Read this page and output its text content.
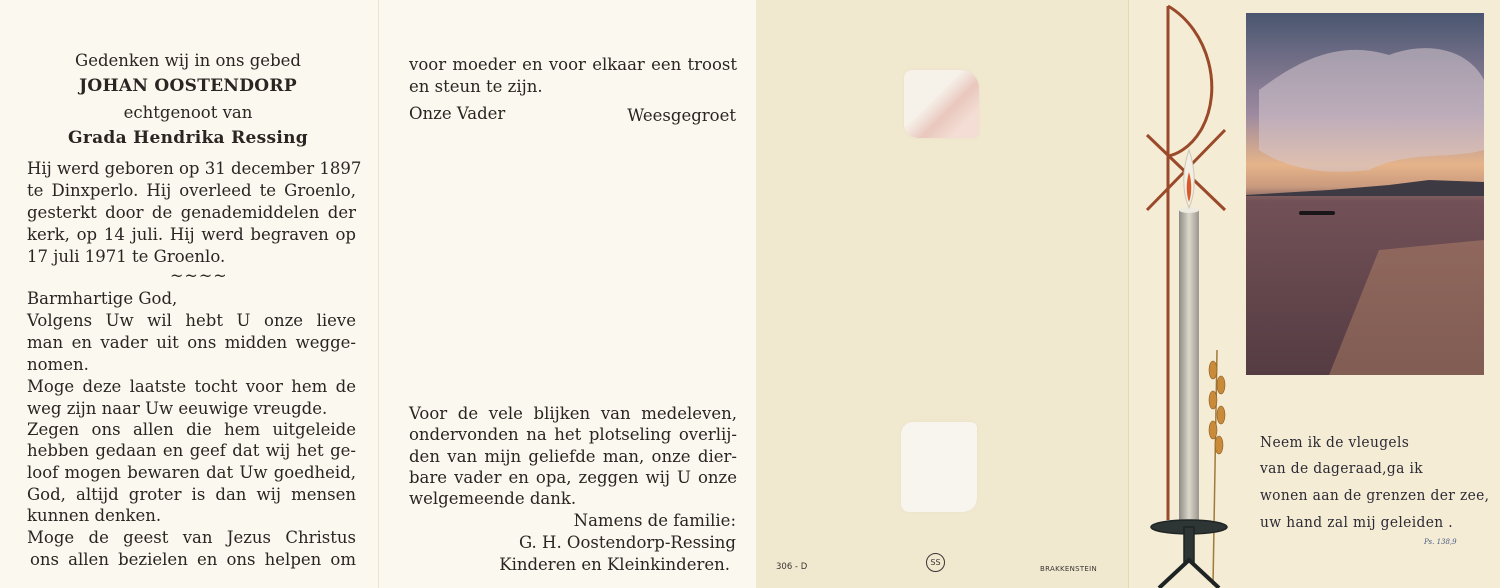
Gedenken wij in ons gebed
JOHAN OOSTENDORP
echtgenoot van
Grada Hendrika Ressing
Hij werd geboren op 31 december 1897
te Dinxperlo. Hij overleed te Groenlo,
gesterkt door de genademiddelen der
kerk, op 14 juli. Hij werd begraven op
17 juli 1971 te Groenlo.
~~~~
Barmhartige God,
Volgens Uw wil hebt U onze lieve
man en vader uit ons midden wegge-
nomen.
Moge deze laatste tocht voor hem de
weg zijn naar Uw eeuwige vreugde.
Zegen ons allen die hem uitgeleide
hebben gedaan en geef dat wij het ge-
loof mogen bewaren dat Uw goedheid,
God, altijd groter is dan wij mensen
kunnen denken.
Moge de geest van Jezus Christus
ons allen bezielen en ons helpen om
voor moeder en voor elkaar een troost
en steun te zijn.
Onze Vader	Weesgegroet
Voor de vele blijken van medeleven,
ondervonden na het plotseling overlij-
den van mijn geliefde man, onze dier-
bare vader en opa, zeggen wij U onze
welgemeende dank.
Namens de familie:
G. H. Oostendorp-Ressing
Kinderen en Kleinkinderen.	306 - D	SS
BRAKKENSTEIN
Neem ik de vleugels
van de dageraad,ga ik
wonen aan de grenzen der zee,
uw hand zal mij geleiden .
Ps. 138,9
